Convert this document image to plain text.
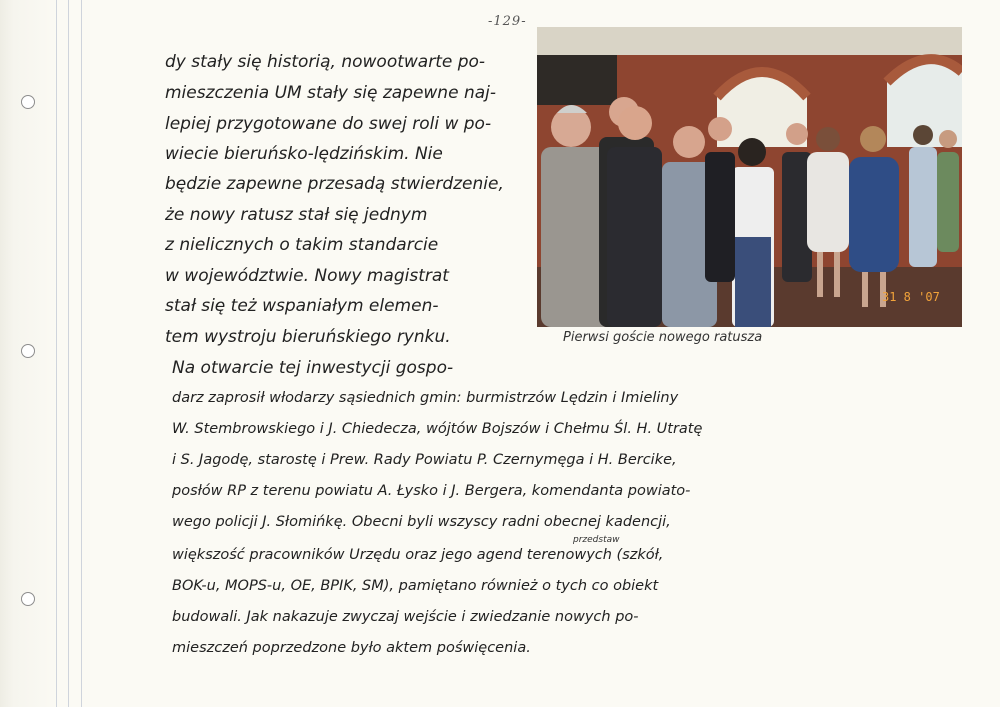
-129-
dy stały się historią, nowootwarte po-
mieszczenia UM stały się zapewne naj-
lepiej przygotowane do swej roli w po-
wiecie bieruńsko-lędzińskim. Nie
będzie zapewne przesadą stwierdzenie,
że nowy ratusz stał się jednym
z nielicznych o takim standarcie
w województwie. Nowy magistrat
stał się też wspaniałym elemen-
tem wystroju bieruńskiego rynku.
Na otwarcie tej inwestycji gospo-
darz zaprosił włodarzy sąsiednich gmin: burmistrzów Lędzin i Imieliny
W. Stembrowskiego i J. Chiedecza, wójtów Bojszów i Chełmu Śl. H. Utratę
i S. Jagodę, starostę i Prew. Rady Powiatu P. Czernymęga i H. Bercike,
posłów RP z terenu powiatu A. Łysko i J. Bergera, komendanta powiato-
wego policji J. Słomińkę. Obecni byli wszyscy radni obecnej kadencji,
większość pracowników Urzędu oraz jego agend terenowych (szkół,
BOK-u, MOPS-u, OE, BPIK, SM), pamiętano również o tych co obiekt
budowali. Jak nakazuje zwyczaj wejście i zwiedzanie nowych po-
mieszczeń poprzedzone było aktem poświęcenia.
przedstaw
31 8 '07
Pierwsi goście nowego ratusza
